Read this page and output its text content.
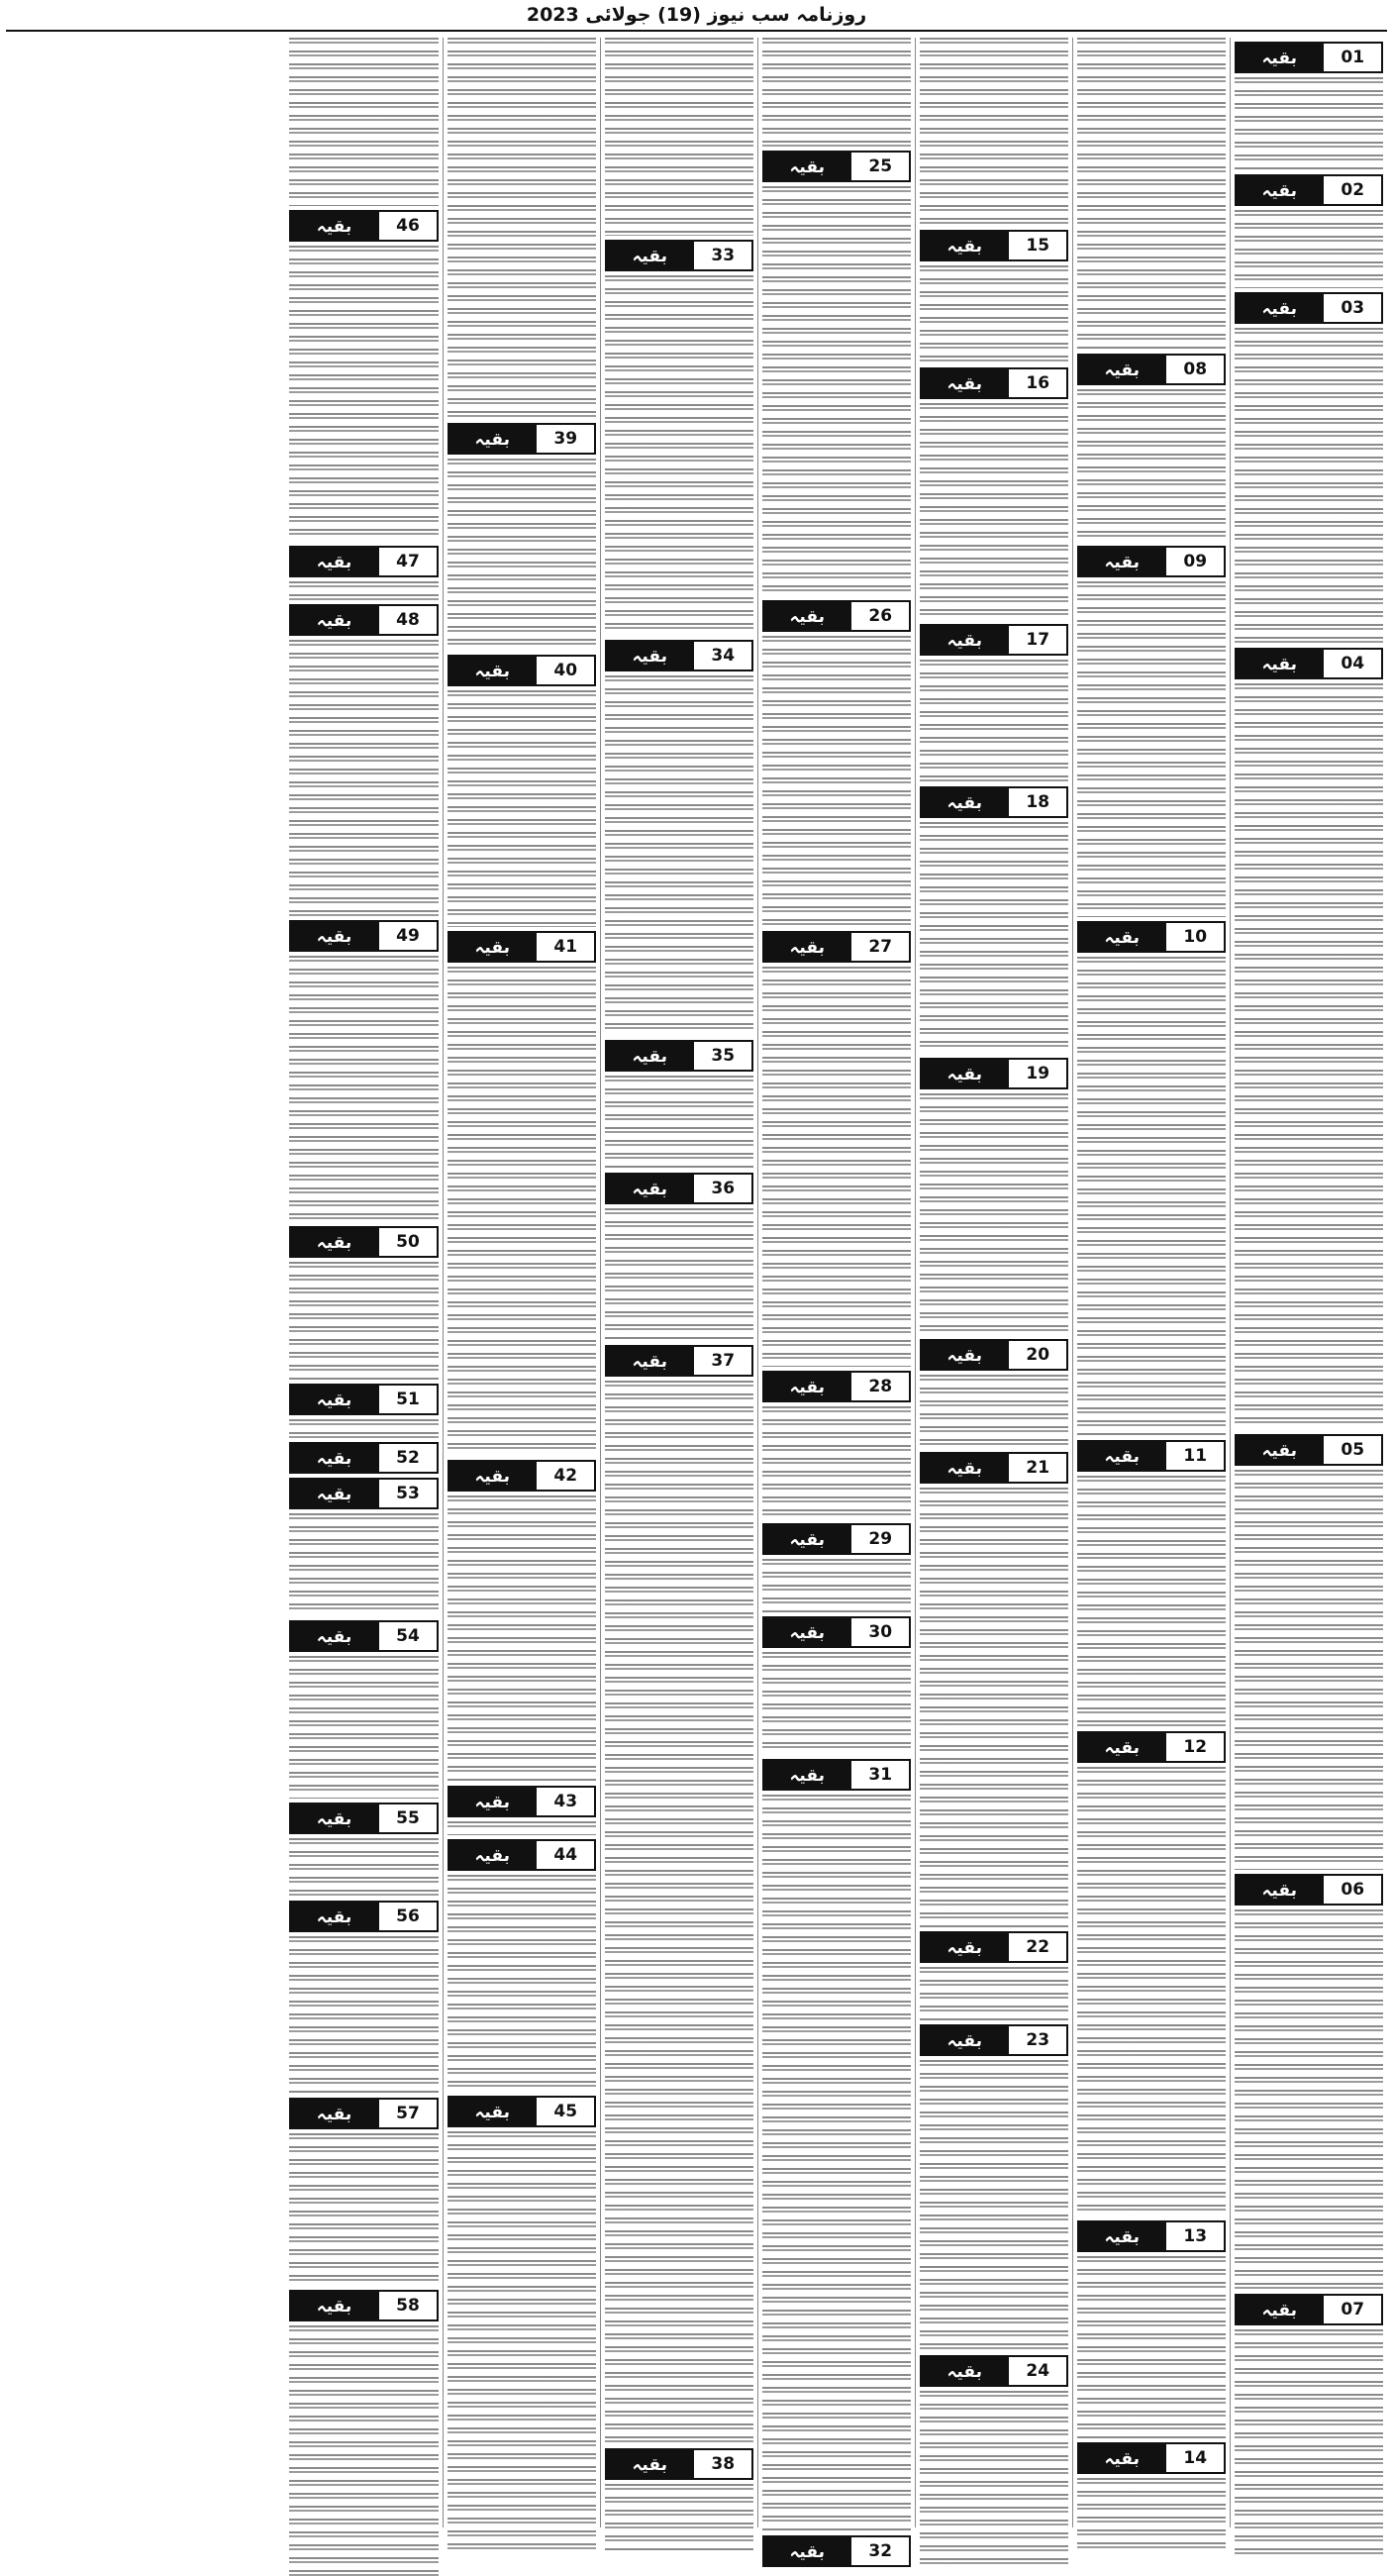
روزنامہ سب نیوز (19) جولائی 2023
بقیہ	01
بقیہ	02
بقیہ	03
بقیہ	04
بقیہ	05
بقیہ	06
بقیہ	07
بقیہ	08
بقیہ	09
بقیہ	10
بقیہ	11
بقیہ	12
بقیہ	13
بقیہ	14
بقیہ	15
بقیہ	16
بقیہ	17
بقیہ	18
بقیہ	19
بقیہ	20
بقیہ	21
بقیہ	22
بقیہ	23
بقیہ	24
بقیہ	25
بقیہ	26
بقیہ	27
بقیہ	28
بقیہ	29
بقیہ	30
بقیہ	31
بقیہ	32
بقیہ	33
بقیہ	34
بقیہ	35
بقیہ	36
بقیہ	37
بقیہ	38
بقیہ	39
بقیہ	40
بقیہ	41
بقیہ	42
بقیہ	43
بقیہ	44
بقیہ	45
بقیہ	46
بقیہ	47
بقیہ	48
بقیہ	49
بقیہ	50
بقیہ	51
بقیہ	52
بقیہ	53
بقیہ	54
بقیہ	55
بقیہ	56
بقیہ	57
بقیہ	58
